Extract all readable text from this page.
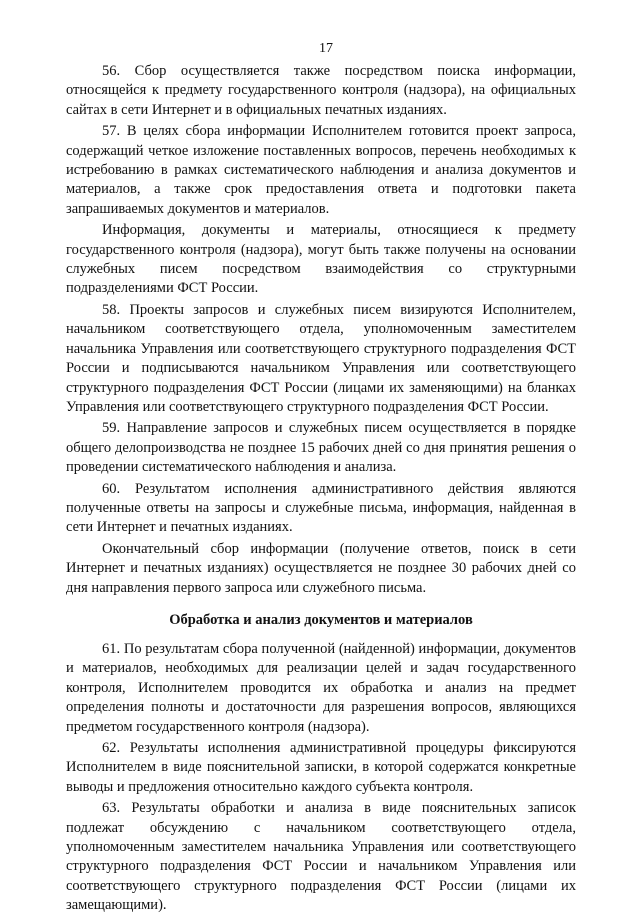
17

56. Сбор осуществляется также посредством поиска информации, относящейся к предмету государственного контроля (надзора), на официальных сайтах в сети Интернет и в официальных печатных изданиях.

57. В целях сбора информации Исполнителем готовится проект запроса, содержащий четкое изложение поставленных вопросов, перечень необходимых к истребованию в рамках систематического наблюдения и анализа документов и материалов, а также срок предоставления ответа и подготовки пакета запрашиваемых документов и материалов.

Информация, документы и материалы, относящиеся к предмету государственного контроля (надзора), могут быть также получены на основании служебных писем посредством взаимодействия со структурными подразделениями ФСТ России.

58. Проекты запросов и служебных писем визируются Исполнителем, начальником соответствующего отдела, уполномоченным заместителем начальника Управления или соответствующего структурного подразделения ФСТ России и подписываются начальником Управления или соответствующего структурного подразделения ФСТ России (лицами их заменяющими) на бланках Управления или соответствующего структурного подразделения ФСТ России.

59. Направление запросов и служебных писем осуществляется в порядке общего делопроизводства не позднее 15 рабочих дней со дня принятия решения о проведении систематического наблюдения и анализа.

60. Результатом исполнения административного действия являются полученные ответы на запросы и служебные письма, информация, найденная в сети Интернет и печатных изданиях.

Окончательный сбор информации (получение ответов, поиск в сети Интернет и печатных изданиях) осуществляется не позднее 30 рабочих дней со дня направления первого запроса или служебного письма.

Обработка и анализ документов и материалов

61. По результатам сбора полученной (найденной) информации, документов и материалов, необходимых для реализации целей и задач государственного контроля, Исполнителем проводится их обработка и анализ на предмет определения полноты и достаточности для разрешения вопросов, являющихся предметом государственного контроля (надзора).

62. Результаты исполнения административной процедуры фиксируются Исполнителем в виде пояснительной записки, в которой содержатся конкретные выводы и предложения относительно каждого субъекта контроля.

63. Результаты обработки и анализа в виде пояснительных записок подлежат обсуждению с начальником соответствующего отдела, уполномоченным заместителем начальника Управления или соответствующего структурного подразделения ФСТ России и начальником Управления или соответствующего структурного подразделения ФСТ России (лицами их замещающими).
